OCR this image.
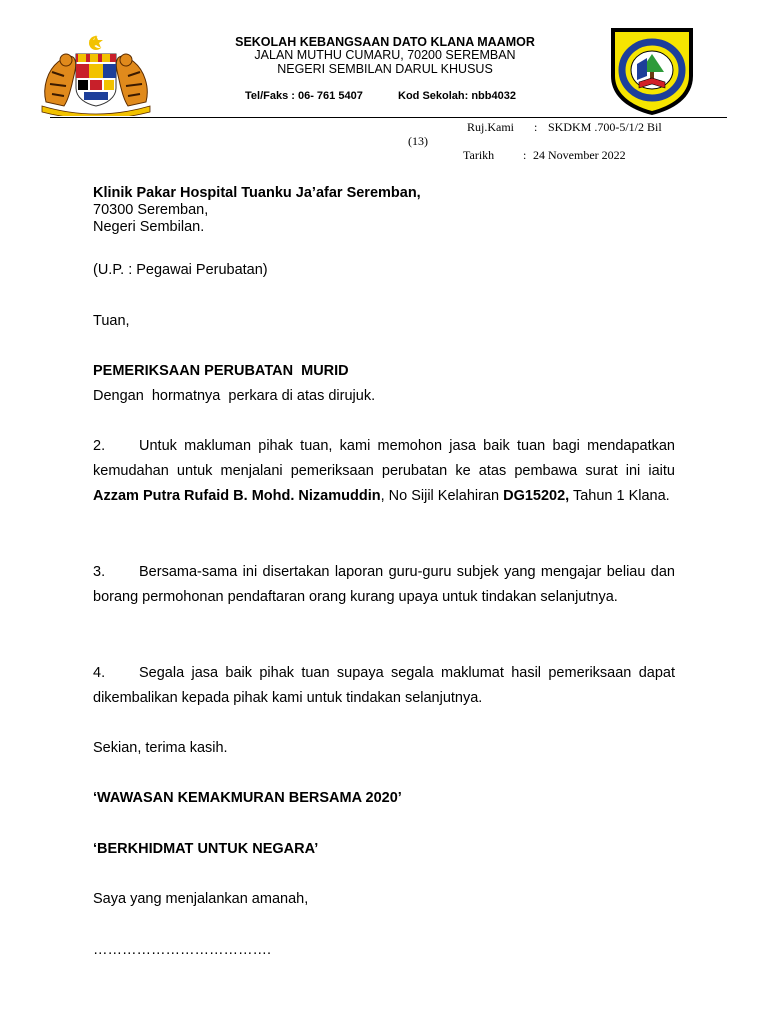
SEKOLAH KEBANGSAAN DATO KLANA MAAMOR
JALAN MUTHU CUMARU, 70200 SEREMBAN
NEGERI SEMBILAN DARUL KHUSUS
Tel/Faks : 06- 761 5407	Kod Sekolah: nbb4032
Ruj.Kami : SKDKM .700-5/1/2 Bil
(13)
Tarikh : 24 November 2022
Klinik Pakar Hospital Tuanku Ja’afar Seremban,
70300 Seremban,
Negeri Sembilan.
(U.P. : Pegawai Perubatan)
Tuan,
PEMERIKSAAN PERUBATAN  MURID
Dengan  hormatnya  perkara di atas dirujuk.
2. Untuk makluman pihak tuan, kami memohon jasa baik tuan bagi mendapatkan kemudahan untuk menjalani pemeriksaan perubatan ke atas pembawa surat ini iaitu Azzam Putra Rufaid B. Mohd. Nizamuddin, No Sijil Kelahiran DG15202, Tahun 1 Klana.
3. Bersama-sama ini disertakan laporan guru-guru subjek yang mengajar beliau dan borang permohonan pendaftaran orang kurang upaya untuk tindakan selanjutnya.
4. Segala jasa baik pihak tuan supaya segala maklumat hasil pemeriksaan dapat dikembalikan kepada pihak kami untuk tindakan selanjutnya.
Sekian, terima kasih.
‘WAWASAN KEMAKMURAN BERSAMA 2020’
‘BERKHIDMAT UNTUK NEGARA’
Saya yang menjalankan amanah,
……………………………….
